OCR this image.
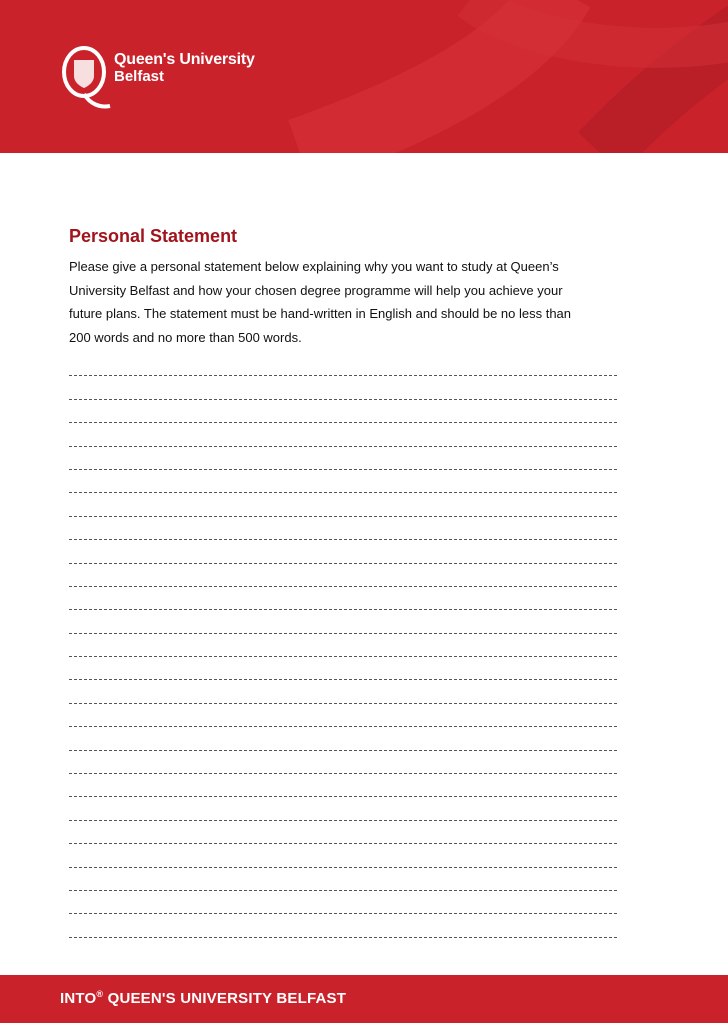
Queen's University
Belfast
Personal Statement

Please give a personal statement below explaining why you want to study at Queen’s
University Belfast and how your chosen degree programme will help you achieve your
future plans. The statement must be hand-written in English and should be no less than
200 words and no more than 500 words.

INTO® QUEEN'S UNIVERSITY BELFAST
